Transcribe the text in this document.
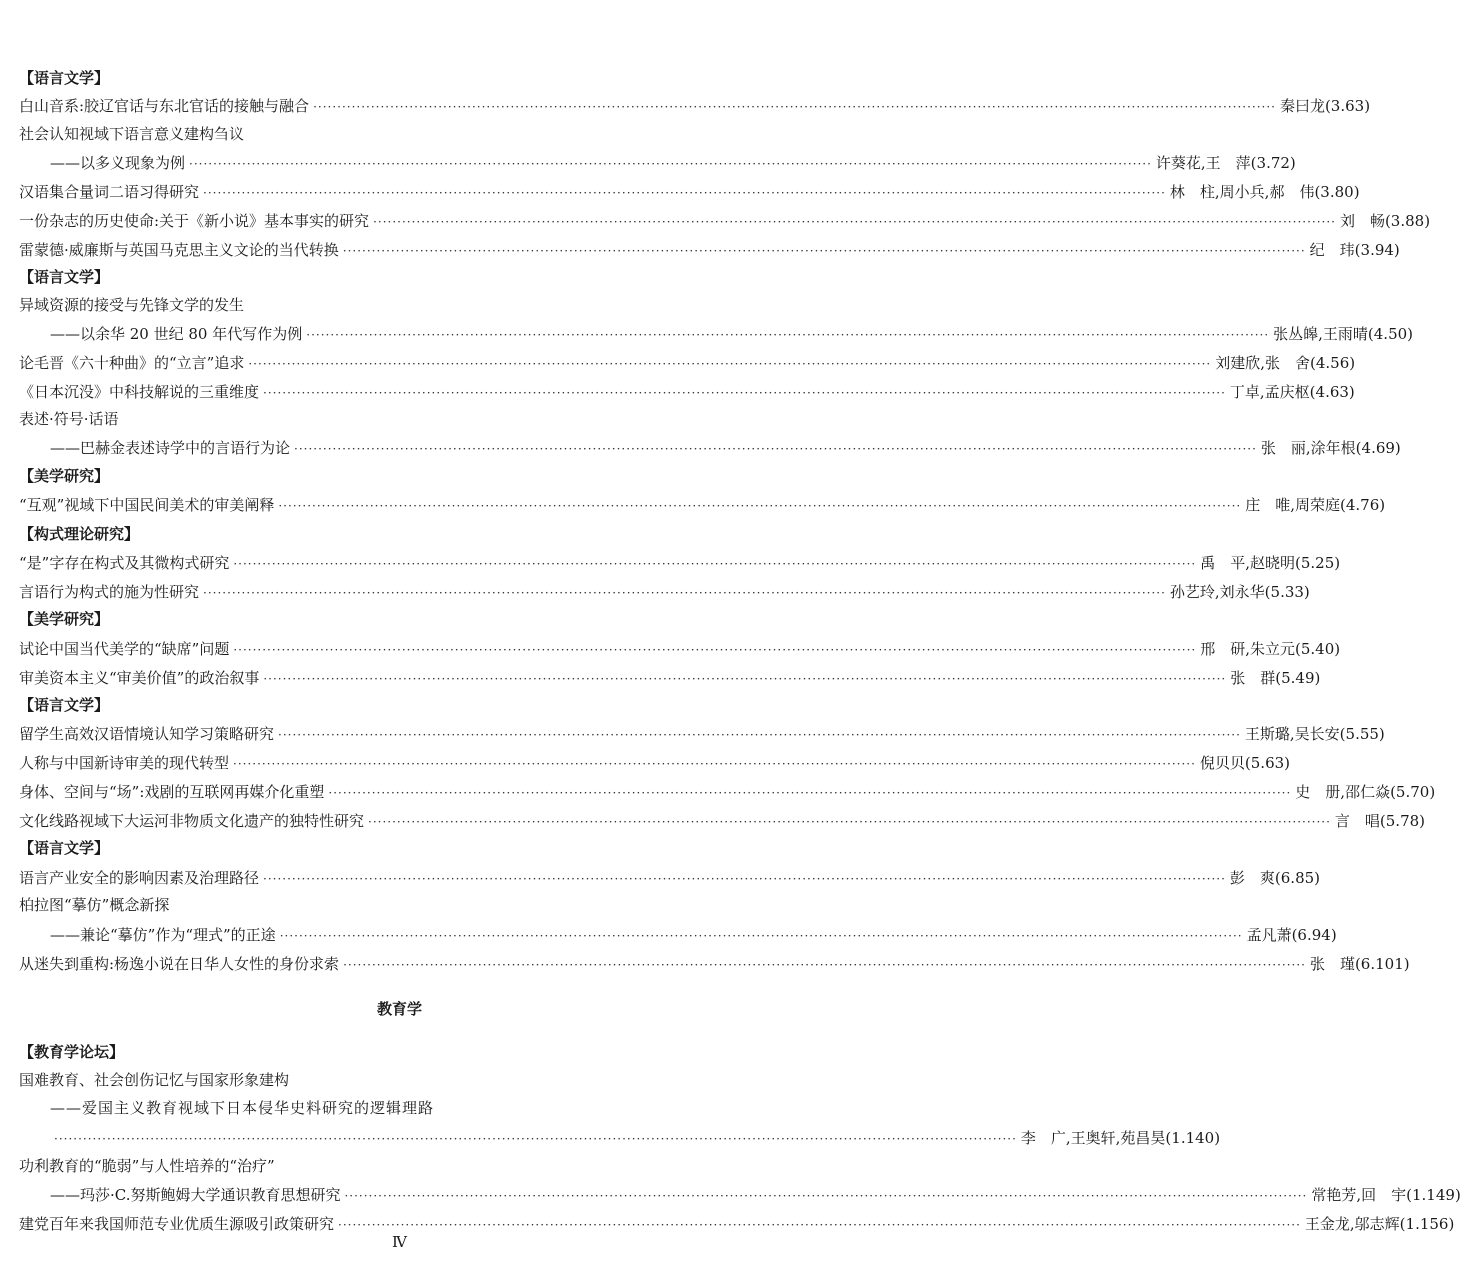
【语言文学】
白山音系:胶辽官话与东北官话的接触与融合 ········································································································································································································ 秦曰龙(3.63)
社会认知视域下语言意义建构刍议
——以多义现象为例 ········································································································································································································ 许葵花,王　萍(3.72)
汉语集合量词二语习得研究 ········································································································································································································ 林　柱,周小兵,郝　伟(3.80)
一份杂志的历史使命:关于《新小说》基本事实的研究 ········································································································································································································ 刘　畅(3.88)
雷蒙德·威廉斯与英国马克思主义文论的当代转换 ········································································································································································································ 纪　玮(3.94)
【语言文学】
异域资源的接受与先锋文学的发生
——以余华 20 世纪 80 年代写作为例 ········································································································································································································ 张丛皞,王雨晴(4.50)
论毛晋《六十种曲》的“立言”追求 ········································································································································································································ 刘建欣,张　舍(4.56)
《日本沉没》中科技解说的三重维度 ········································································································································································································ 丁卓,孟庆枢(4.63)
表述·符号·话语
——巴赫金表述诗学中的言语行为论 ········································································································································································································ 张　丽,涂年根(4.69)
【美学研究】
“互观”视域下中国民间美术的审美阐释 ········································································································································································································ 庄　唯,周荣庭(4.76)
【构式理论研究】
“是”字存在构式及其微构式研究 ········································································································································································································ 禹　平,赵晓明(5.25)
言语行为构式的施为性研究 ········································································································································································································ 孙艺玲,刘永华(5.33)
【美学研究】
试论中国当代美学的“缺席”问题 ········································································································································································································ 邢　研,朱立元(5.40)
审美资本主义“审美价值”的政治叙事 ········································································································································································································ 张　群(5.49)
【语言文学】
留学生高效汉语情境认知学习策略研究 ········································································································································································································ 王斯璐,吴长安(5.55)
人称与中国新诗审美的现代转型 ········································································································································································································ 倪贝贝(5.63)
身体、空间与“场”:戏剧的互联网再媒介化重塑 ········································································································································································································ 史　册,邵仁焱(5.70)
文化线路视域下大运河非物质文化遗产的独特性研究 ········································································································································································································ 言　唱(5.78)
【语言文学】
语言产业安全的影响因素及治理路径 ········································································································································································································ 彭　爽(6.85)
柏拉图“摹仿”概念新探
——兼论“摹仿”作为“理式”的正途 ········································································································································································································ 孟凡萧(6.94)
从迷失到重构:杨逸小说在日华人女性的身份求索 ········································································································································································································ 张　瑾(6.101)
教育学
【教育学论坛】
国难教育、社会创伤记忆与国家形象建构
——爱国主义教育视域下日本侵华史料研究的逻辑理路
········································································································································································································ 李　广,王奥轩,苑昌昊(1.140)
功利教育的“脆弱”与人性培养的“治疗”
——玛莎·C.努斯鲍姆大学通识教育思想研究 ········································································································································································································ 常艳芳,回　宇(1.149)
建党百年来我国师范专业优质生源吸引政策研究 ········································································································································································································ 王金龙,邬志辉(1.156)
Ⅳ
